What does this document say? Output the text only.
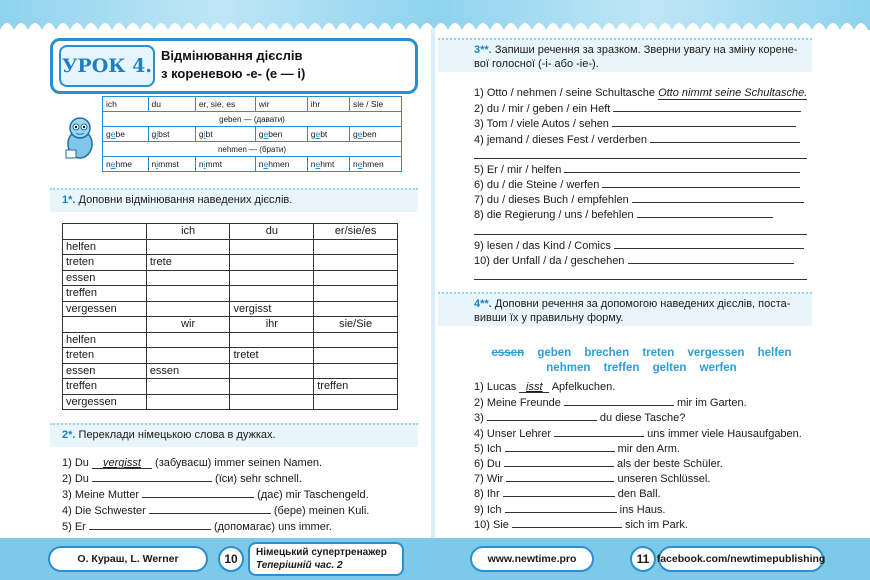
УРОК 4. Відмінювання дієслів
з кореневою -е- (е — і)
ich	du	er, sie, es	wir	ihr	sie / Sie
geben — (давати)					
gebe	gibst	gibt	geben	gebt	geben
nehmen — (брати)					
nehme	nimmst	nimmt	nehmen	nehmt	nehmen
1*. Доповни відмінювання наведених дієслів.
	ich	du	er/sie/es
helfen			
treten	trete		
essen			
treffen			
vergessen		vergisst	
	wir	ihr	sie/Sie
helfen			
treten		tretet	
essen	essen		
treffen			treffen
vergessen			
2*. Переклади німецькою слова в дужках.
1) Du vergisst (забуваєш) immer seinen Namen.
2) Du	(їси) sehr schnell.
3) Meine Mutter	(дає) mir Taschengeld.
4) Die Schwester	(бере) meinen Kuli.
5) Er	(допомагає) uns immer.
3**. Запиши речення за зразком. Зверни увагу на зміну корене-
вої голосної (-i- або -ie-).
1) Otto / nehmen / seine Schultasche Otto nimmt seine Schultasche.
2) du / mir / geben / ein Heft
3) Tom / viele Autos / sehen
4) jemand / dieses Fest / verderben
5) Er / mir / helfen
6) du / die Steine / werfen
7) du / dieses Buch / empfehlen
8) die Regierung / uns / befehlen
9) lesen / das Kind / Comics
10) der Unfall / da / geschehen
4**. Доповни речення за допомогою наведених дієслів, поста-
вивши їх у правильну форму.
essen geben brechen treten vergessen helfen
nehmen treffen gelten werfen
1) Lucas isst Apfelkuchen.
2) Meine Freunde	mir im Garten.
3)	du diese Tasche?
4) Unser Lehrer	uns immer viele Hausaufgaben.
5) Ich	mir den Arm.
6) Du	als der beste Schüler.
7) Wir	unseren Schlüssel.
8) Ihr	den Ball.
9) Ich	ins Haus.
10) Sie	sich im Park.
О. Кураш, L. Werner	10	Німецький супертренажер
Теперішній час. 2
www.newtime.pro	11 facebook.com/newtimepublishing
